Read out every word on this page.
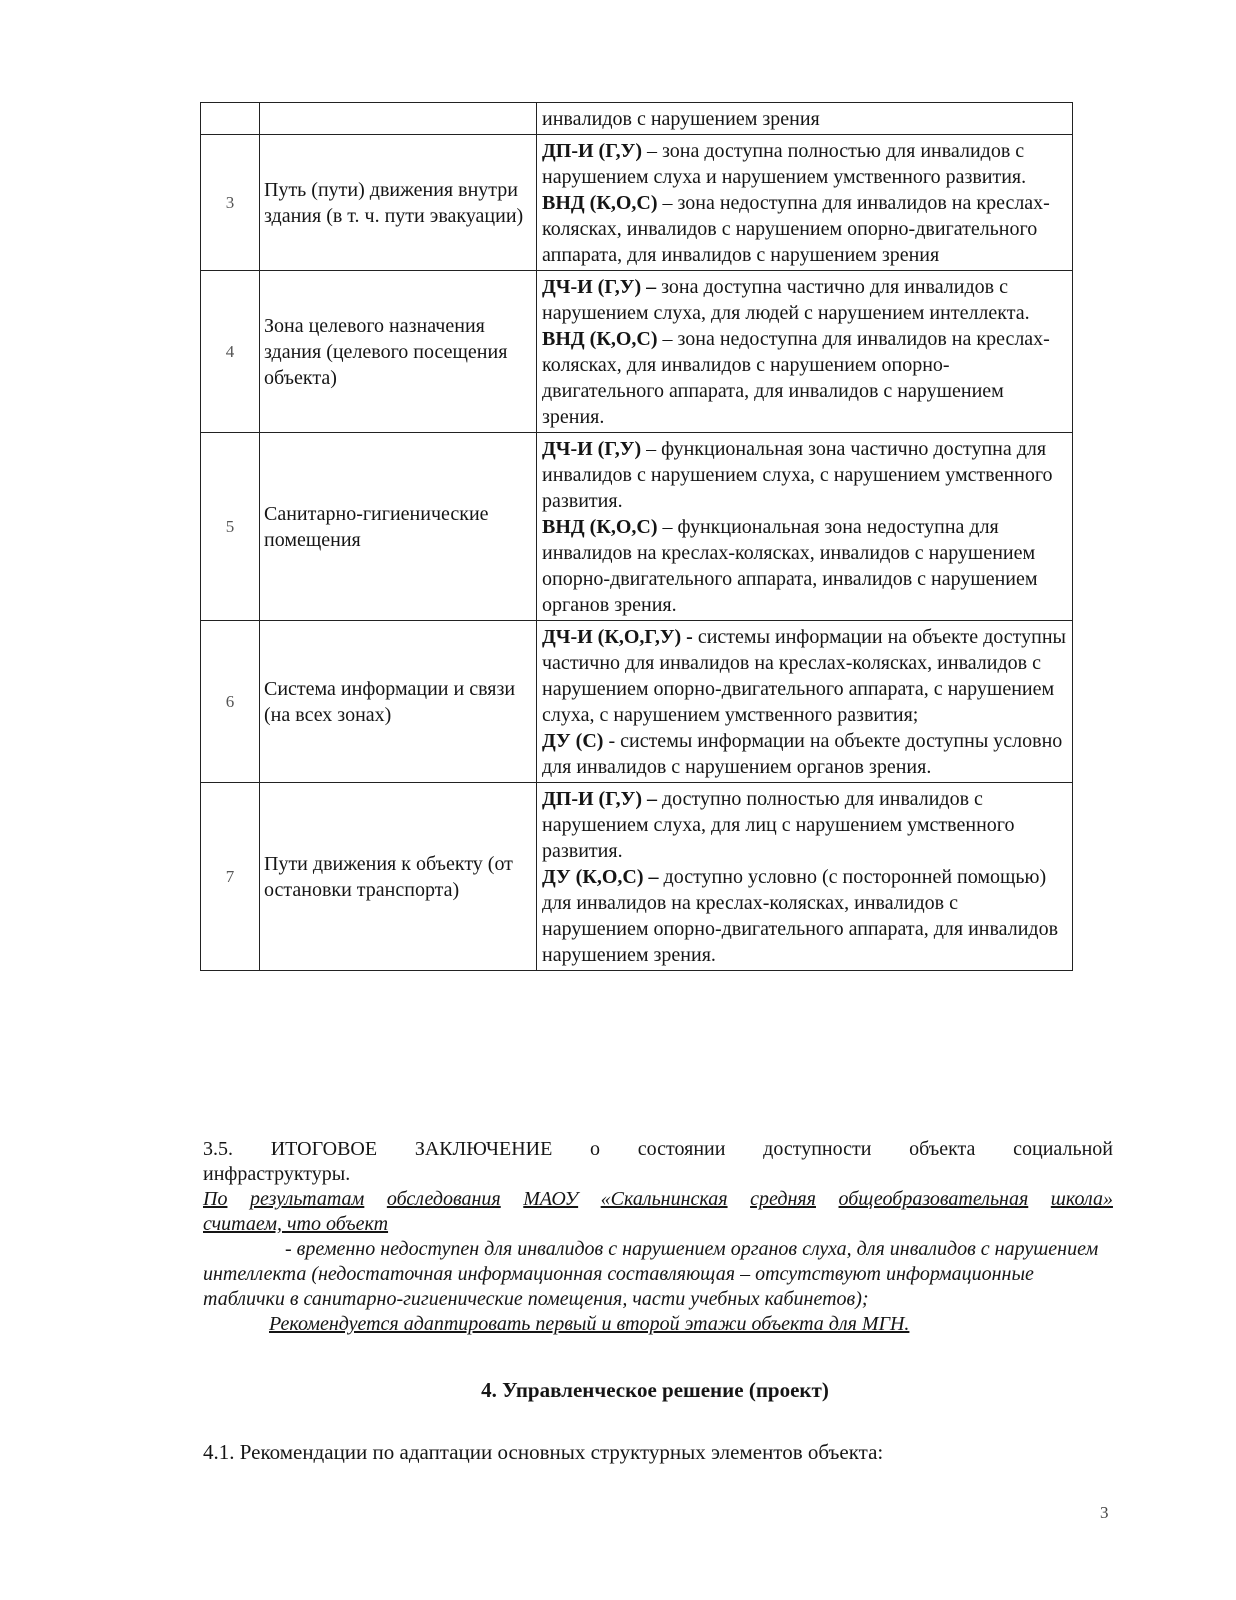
		инвалидов с нарушением зрения

3	Путь (пути) движения внутри здания (в т. ч. пути эвакуации)	ДП-И (Г,У) – зона доступна полностью для инвалидов с нарушением слуха и нарушением умственного развития.
ВНД (К,О,С) – зона недоступна для инвалидов на креслах-колясках, инвалидов с нарушением опорно-двигательного аппарата, для инвалидов с нарушением зрения

4	Зона целевого назначения здания (целевого посещения объекта)	ДЧ-И (Г,У) – зона доступна частично для инвалидов с нарушением слуха, для людей с нарушением интеллекта.
ВНД (К,О,С) – зона недоступна для инвалидов на креслах-колясках, для инвалидов с нарушением опорно-двигательного аппарата, для инвалидов с нарушением зрения.

5	Санитарно-гигиенические помещения	ДЧ-И (Г,У) – функциональная зона частично доступна для инвалидов с нарушением слуха, с нарушением умственного развития.
ВНД (К,О,С) – функциональная зона недоступна для инвалидов на креслах-колясках, инвалидов с нарушением опорно-двигательного аппарата, инвалидов с нарушением органов зрения.

6	Система информации и связи (на всех зонах)	ДЧ-И (К,О,Г,У) - системы информации на объекте доступны частично для инвалидов на креслах-колясках, инвалидов с нарушением опорно-двигательного аппарата, с нарушением слуха, с нарушением умственного развития;
ДУ (С) - системы информации на объекте доступны условно для инвалидов с нарушением органов зрения.

7	Пути движения к объекту (от остановки транспорта)	ДП-И (Г,У) – доступно полностью для инвалидов с нарушением слуха, для лиц с нарушением умственного развития.
ДУ (К,О,С) – доступно условно (с посторонней помощью) для инвалидов на креслах-колясках, инвалидов с нарушением опорно-двигательного аппарата, для инвалидов нарушением зрения.
3.5. ИТОГОВОЕ ЗАКЛЮЧЕНИЕ о состоянии доступности объекта социальной
инфраструктуры.
По результатам обследования МАОУ «Скальнинская средняя общеобразовательная школа»
считаем, что объект
- временно недоступен для инвалидов с нарушением органов слуха, для инвалидов с нарушением интеллекта (недостаточная информационная составляющая – отсутствуют информационные таблички в санитарно-гигиенические помещения, части учебных кабинетов);
Рекомендуется адаптировать первый и второй этажи объекта для МГН.
4. Управленческое решение (проект)
4.1. Рекомендации по адаптации основных структурных элементов объекта:
3
